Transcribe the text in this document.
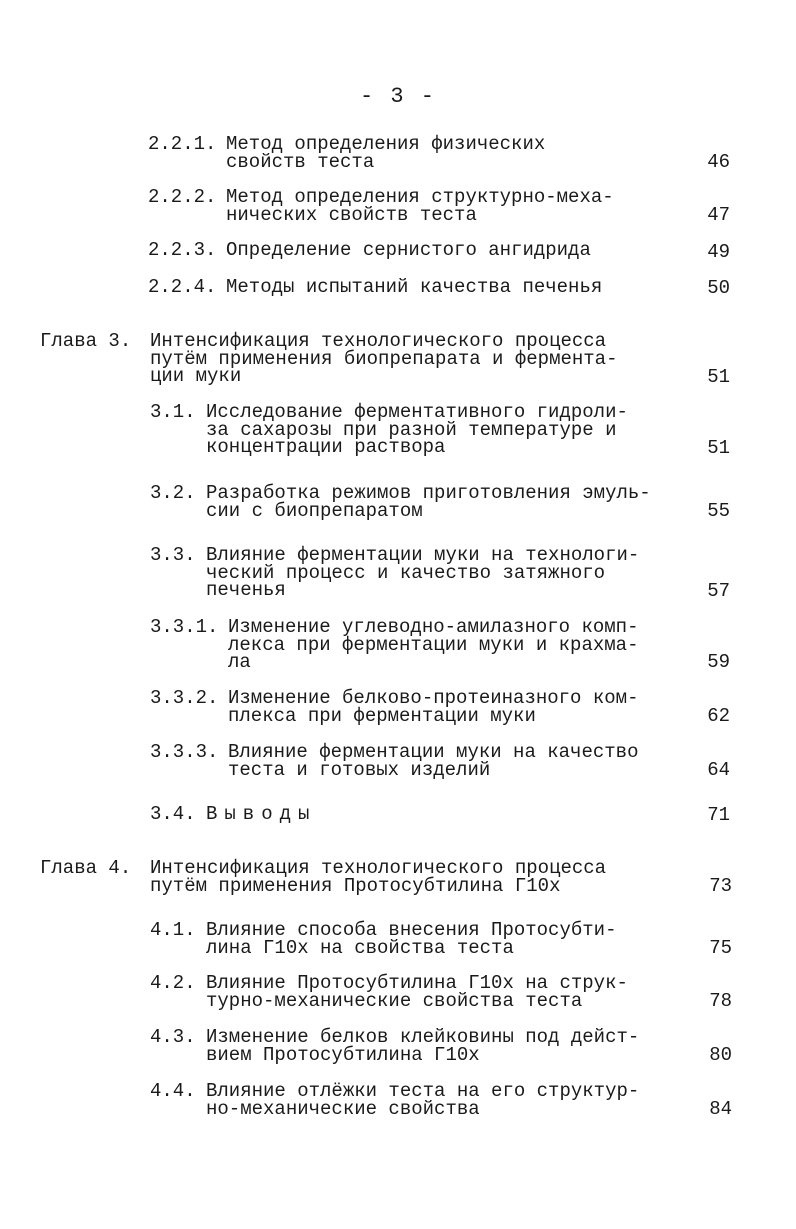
- 3 -
2.2.1. Метод определения физических
свойств теста	46
2.2.2. Метод определения структурно-меха-
нических свойств теста	47
2.2.3. Определение сернистого ангидрида	49
2.2.4. Методы испытаний качества печенья	50
Глава 3. Интенсификация технологического процесса
путём применения биопрепарата и фермента-
ции муки	51
3.1. Исследование ферментативного гидроли-
за сахарозы при разной температуре и
концентрации раствора	51
3.2. Разработка режимов приготовления эмуль-
сии с биопрепаратом	55
3.3. Влияние ферментации муки на технологи-
ческий процесс и качество затяжного
печенья	57
3.3.1. Изменение углеводно-амилазного комп-
лекса при ферментации муки и крахма-
ла	59
3.3.2. Изменение белково-протеиназного ком-
плекса при ферментации муки	62
3.3.3. Влияние ферментации муки на качество
теста и готовых изделий	64
3.4. Выводы	71
Глава 4. Интенсификация технологического процесса
путём применения Протосубтилина Г10х	73
4.1. Влияние способа внесения Протосубти-
лина Г10х на свойства теста	75
4.2. Влияние Протосубтилина Г10х на струк-
турно-механические свойства теста	78
4.3. Изменение белков клейковины под дейст-
вием Протосубтилина Г10х	80
4.4. Влияние отлёжки теста на его структур-
но-механические свойства	84
